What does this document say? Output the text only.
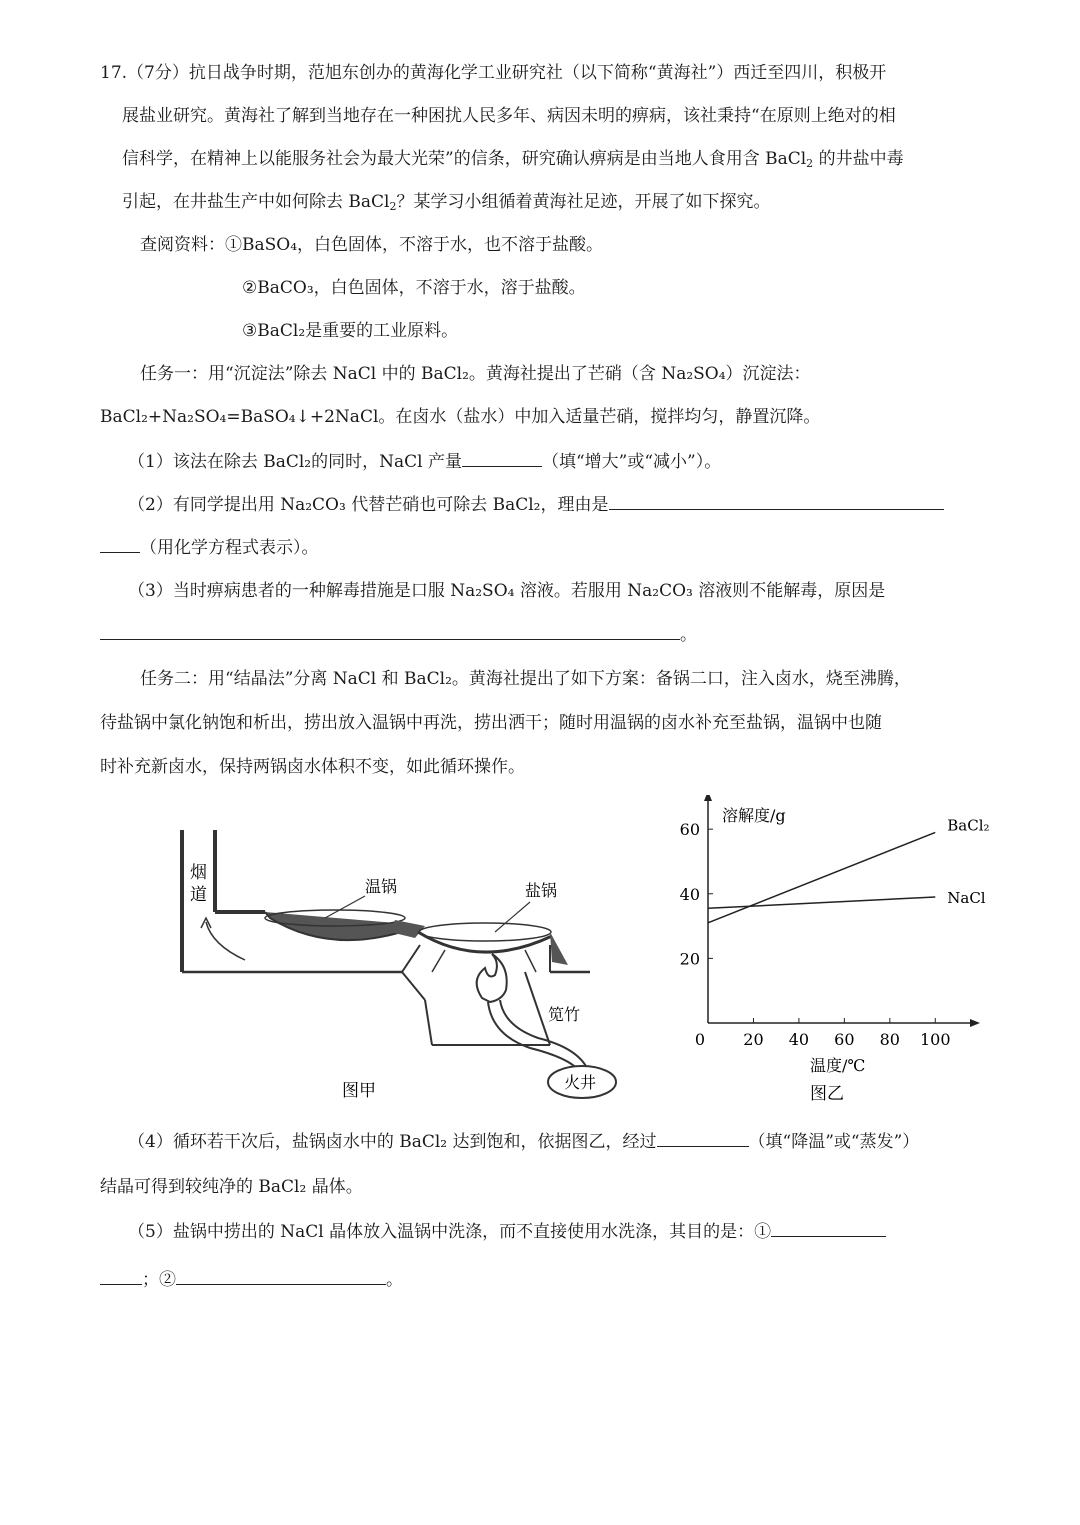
17.（7分）抗日战争时期，范旭东创办的黄海化学工业研究社（以下简称“黄海社”）西迁至四川，积极开
展盐业研究。黄海社了解到当地存在一种困扰人民多年、病因未明的痹病，该社秉持“在原则上绝对的相
信科学，在精神上以能服务社会为最大光荣”的信条，研究确认痹病是由当地人食用含 BaCl$_2$ 的井盐中毒
引起，在井盐生产中如何除去 BaCl$_2$？某学习小组循着黄海社足迹，开展了如下探究。
查阅资料：①BaSO₄，白色固体，不溶于水，也不溶于盐酸。
②BaCO₃，白色固体，不溶于水，溶于盐酸。
③BaCl₂是重要的工业原料。
任务一：用“沉淀法”除去 NaCl 中的 BaCl₂。黄海社提出了芒硝（含 Na₂SO₄）沉淀法：
BaCl₂+Na₂SO₄=BaSO₄↓+2NaCl。在卤水（盐水）中加入适量芒硝，搅拌均匀，静置沉降。
（1）该法在除去 BaCl₂的同时，NaCl 产量	（填“增大”或“减小”）。
（2）有同学提出用 Na₂CO₃ 代替芒硝也可除去 BaCl₂，理由是
（用化学方程式表示）。
（3）当时痹病患者的一种解毒措施是口服 Na₂SO₄ 溶液。若服用 Na₂CO₃ 溶液则不能解毒，原因是
。
任务二：用“结晶法”分离 NaCl 和 BaCl₂。黄海社提出了如下方案：备锅二口，注入卤水，烧至沸腾，
待盐锅中氯化钠饱和析出，捞出放入温锅中再洗，捞出洒干；随时用温锅的卤水补充至盐锅，温锅中也随
时补充新卤水，保持两锅卤水体积不变，如此循环操作。
烟
道	温锅	盐锅
笕竹
火井
图甲
0 20 40 60 80 100
20
40
60	BaCl₂
NaCl
溶解度/g
温度/℃
图乙
（4）循环若干次后，盐锅卤水中的 BaCl₂ 达到饱和，依据图乙，经过	（填“降温”或“蒸发”）
结晶可得到较纯净的 BaCl₂ 晶体。
（5）盐锅中捞出的 NaCl 晶体放入温锅中洗涤，而不直接使用水洗涤，其目的是：①
；②	。
